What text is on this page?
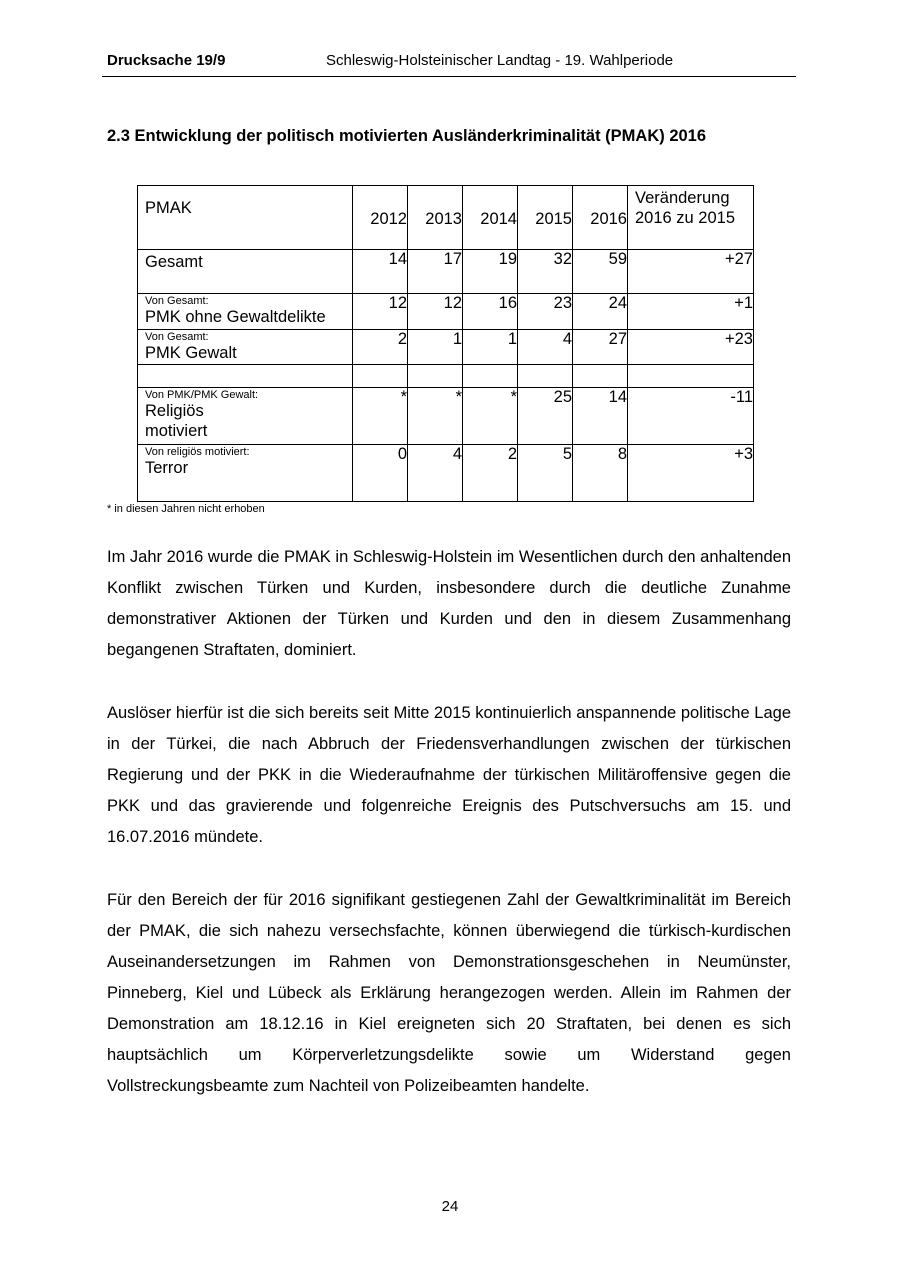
Drucksache 19/9	Schleswig-Holsteinischer Landtag - 19. Wahlperiode
2.3 Entwicklung der politisch motivierten Ausländerkriminalität (PMAK) 2016
PMAK	2012	2013	2014	2015	2016	Veränderung
2016 zu 2015

Gesamt	14	17	19	32	59	+27

Von Gesamt:
PMK ohne Gewaltdelikte	12	12	16	23	24	+1

Von Gesamt:
PMK Gewalt	2	1	1	4	27	+23

Von PMK/PMK Gewalt:
Religiös
motiviert	*	*	*	25	14	-11

Von religiös motiviert:
Terror	0	4	2	5	8	+3
* in diesen Jahren nicht erhoben

Im Jahr 2016 wurde die PMAK in Schleswig-Holstein im Wesentlichen durch den anhaltenden Konflikt zwischen Türken und Kurden, insbesondere durch die deutliche Zunahme demonstrativer Aktionen der Türken und Kurden und den in diesem Zusammenhang begangenen Straftaten, dominiert.

Auslöser hierfür ist die sich bereits seit Mitte 2015 kontinuierlich anspannende politische Lage in der Türkei, die nach Abbruch der Friedensverhandlungen zwischen der türkischen Regierung und der PKK in die Wiederaufnahme der türkischen Militäroffensive gegen die PKK und das gravierende und folgenreiche Ereignis des Putschversuchs am 15. und 16.07.2016 mündete.

Für den Bereich der für 2016 signifikant gestiegenen Zahl der Gewaltkriminalität im Bereich der PMAK, die sich nahezu versechsfachte, können überwiegend die türkisch-kurdischen Auseinandersetzungen im Rahmen von Demonstrationsgeschehen in Neumünster, Pinneberg, Kiel und Lübeck als Erklärung herangezogen werden. Allein im Rahmen der Demonstration am 18.12.16 in Kiel ereigneten sich 20 Straftaten, bei denen es sich hauptsächlich um Körperverletzungsdelikte sowie um Widerstand gegen Vollstreckungsbeamte zum Nachteil von Polizeibeamten handelte.

24
